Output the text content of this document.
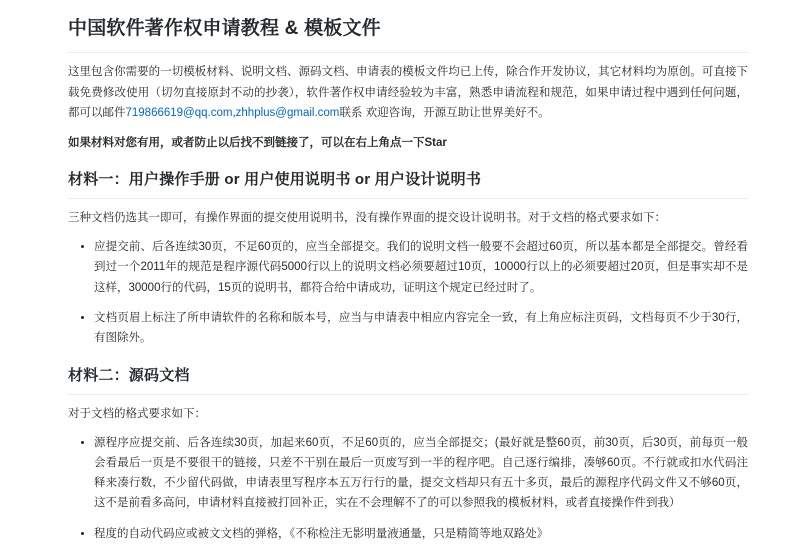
中国软件著作权申请教程 & 模板文件

这里包含你需要的一切模板材料、说明文档、源码文档、申请表的模板文件均已上传，除合作开发协议，其它材料均为原创。可直接下载免费修改使用（切勿直接原封不动的抄袭），软件著作权申请经验较为丰富，熟悉申请流程和规范，如果申请过程中遇到任何问题，都可以邮件719866619@qq.com,zhhplus@gmail.com联系 欢迎咨询，开源互助让世界美好不。

如果材料对您有用，或者防止以后找不到链接了，可以在右上角点一下Star

材料一：用户操作手册 or 用户使用说明书 or 用户设计说明书

三种文档仍选其一即可，有操作界面的提交使用说明书，没有操作界面的提交设计说明书。对于文档的格式要求如下：

• 应提交前、后各连续30页，不足60页的，应当全部提交。我们的说明文档一般要不会超过60页，所以基本都是全部提交。曾经看到过一个2011年的规范是程序源代码5000行以上的说明文档必须要超过10页，10000行以上的必须要超过20页，但是事实却不是这样，30000行的代码，15页的说明书，都符合给中请成功，证明这个规定已经过时了。
• 文档页眉上标注了所申请软件的名称和版本号，应当与申请表中相应内容完全一致，有上角应标注页码，文档每页不少于30行，有图除外。
材料二：源码文档

对于文档的格式要求如下：

• 源程序应提交前、后各连续30页，加起来60页，不足60页的，应当全部提交；(最好就是整60页，前30页，后30页，前每页一般会看最后一页是不要很干的链接，只差不干别在最后一页废写到一半的程序吧。自己逐行编排，凑够60页。不行就或扣水代码注释来凑行数，不少留代码做，申请表里写程序本五万行行的量，提交文档却只有五十多页，最后的源程序代码文件又不够60页，这不是前看多高问，申请材料直接被打回补正，实在不会理解不了的可以参照我的模板材料，或者直接操作件到我）
• 程度的自动代码应或被文文档的弹格，《不称检注无影明量液通量，只是精简等地双路处》
